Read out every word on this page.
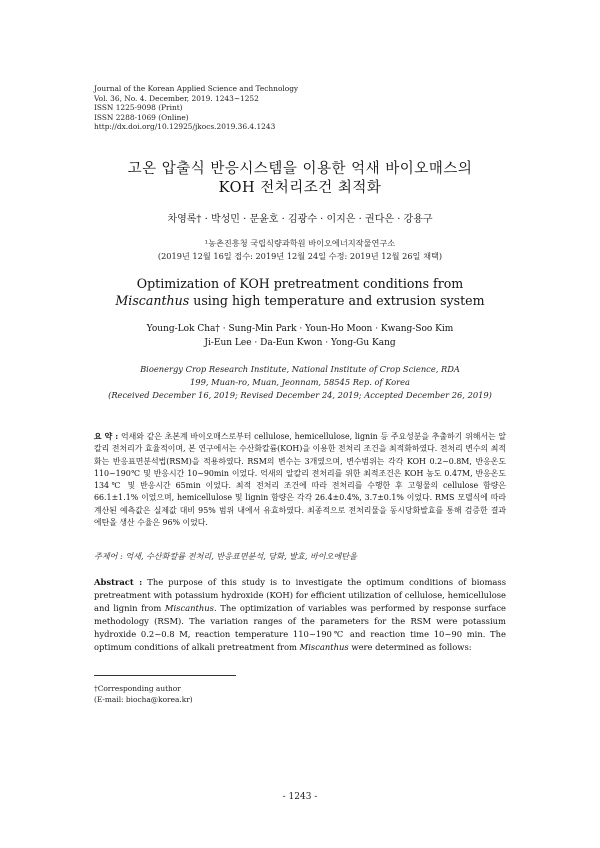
Journal of the Korean Applied Science and Technology
Vol. 36, No. 4. December, 2019. 1243~1252
ISSN 1225-9098 (Print)
ISSN 2288-1069 (Online)
http://dx.doi.org/10.12925/jkocs.2019.36.4.1243
고온 압출식 반응시스템을 이용한 억새 바이오매스의
KOH 전처리조건 최적화
차영록† · 박성민 · 문윤호 · 김광수 · 이지은 · 권다은 · 강용구
¹농촌진흥청 국립식량과학원 바이오에너지작물연구소
(2019년 12월 16일 접수: 2019년 12월 24일 수정: 2019년 12월 26일 채택)
Optimization of KOH pretreatment conditions from
Miscanthus using high temperature and extrusion system
Young-Lok Cha† · Sung-Min Park · Youn-Ho Moon · Kwang-Soo Kim
Ji-Eun Lee · Da-Eun Kwon · Yong-Gu Kang
Bioenergy Crop Research Institute, National Institute of Crop Science, RDA
199, Muan-ro, Muan, Jeonnam, 58545 Rep. of Korea
(Received December 16, 2019; Revised December 24, 2019; Accepted December 26, 2019)
요 약 : 억새와 같은 초본계 바이오매스로부터 cellulose, hemicellulose, lignin 등 주요성분을 추출하기 위해서는 알칼리 전처리가 효율적이며, 본 연구에서는 수산화칼륨(KOH)을 이용한 전처리 조건을 최적화하였다. 전처리 변수의 최적화는 반응표면분석법(RSM)을 적용하였다. RSM의 변수는 3개였으며, 변수범위는 각각 KOH 0.2~0.8M, 반응온도 110~190℃ 및 반응시간 10~90min 이었다. 억새의 알칼리 전처리를 위한 최적조건은 KOH 농도 0.47M, 반응온도 134℃ 및 반응시간 65min 이었다. 최적 전처리 조건에 따라 전처리를 수행한 후 고형물의 cellulose 함량은 66.1±1.1% 이었으며, hemicellulose 및 lignin 함량은 각각 26.4±0.4%, 3.7±0.1% 이었다. RMS 모델식에 따라 계산된 예측값은 실제값 대비 95% 범위 내에서 유효하였다. 최종적으로 전처리물을 동시당화발효를 통해 검증한 결과 에탄올 생산 수율은 96% 이었다.
주제어 : 억새, 수산화칼륨 전처리, 반응표면분석, 당화, 발효, 바이오에탄올
Abstract : The purpose of this study is to investigate the optimum conditions of biomass pretreatment with potassium hydroxide (KOH) for efficient utilization of cellulose, hemicellulose and lignin from Miscanthus. The optimization of variables was performed by response surface methodology (RSM). The variation ranges of the parameters for the RSM were potassium hydroxide 0.2~0.8 M, reaction temperature 110~190℃ and reaction time 10~90 min. The optimum conditions of alkali pretreatment from Miscanthus were determined as follows:
†Corresponding author
(E-mail: biocha@korea.kr)
- 1243 -
